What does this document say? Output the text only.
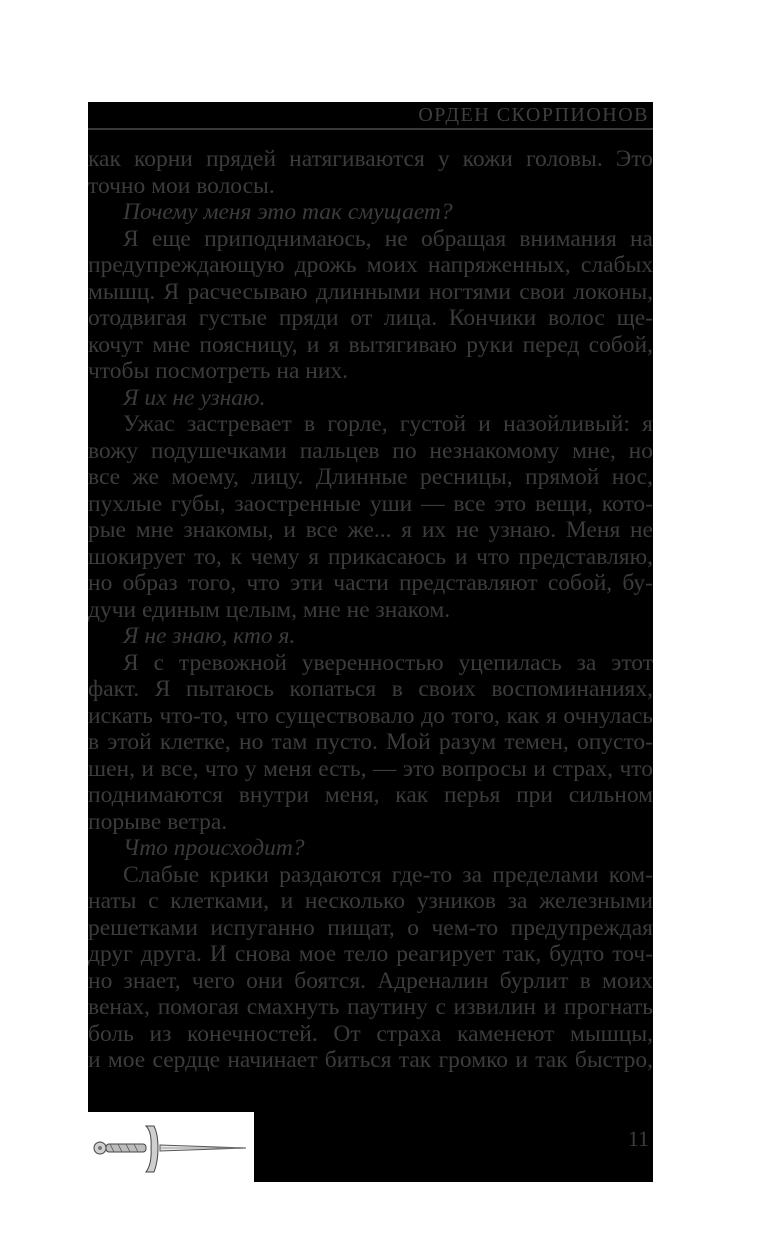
ОРДЕН СКОРПИОНОВ
как корни прядей натягиваются у кожи головы. Это
точно мои волосы.
Почему меня это так смущает?
Я еще приподнимаюсь, не обращая внимания на
предупреждающую дрожь моих напряженных, слабых
мышц. Я расчесываю длинными ногтями свои локоны,
отодвигая густые пряди от лица. Кончики волос ще-
кочут мне поясницу, и я вытягиваю руки перед собой,
чтобы посмотреть на них.
Я их не узнаю.
Ужас застревает в горле, густой и назойливый: я
вожу подушечками пальцев по незнакомому мне, но
все же моему, лицу. Длинные ресницы, прямой нос,
пухлые губы, заостренные уши — все это вещи, кото-
рые мне знакомы, и все же... я их не узнаю. Меня не
шокирует то, к чему я прикасаюсь и что представляю,
но образ того, что эти части представляют собой, бу-
дучи единым целым, мне не знаком.
Я не знаю, кто я.
Я с тревожной уверенностью уцепилась за этот
факт. Я пытаюсь копаться в своих воспоминаниях,
искать что-то, что существовало до того, как я очнулась
в этой клетке, но там пусто. Мой разум темен, опусто-
шен, и все, что у меня есть, — это вопросы и страх, что
поднимаются внутри меня, как перья при сильном
порыве ветра.
Что происходит?
Слабые крики раздаются где-то за пределами ком-
наты с клетками, и несколько узников за железными
решетками испуганно пищат, о чем-то предупреждая
друг друга. И снова мое тело реагирует так, будто точ-
но знает, чего они боятся. Адреналин бурлит в моих
венах, помогая смахнуть паутину с извилин и прогнать
боль из конечностей. От страха каменеют мышцы,
и мое сердце начинает биться так громко и так быстро,
11
